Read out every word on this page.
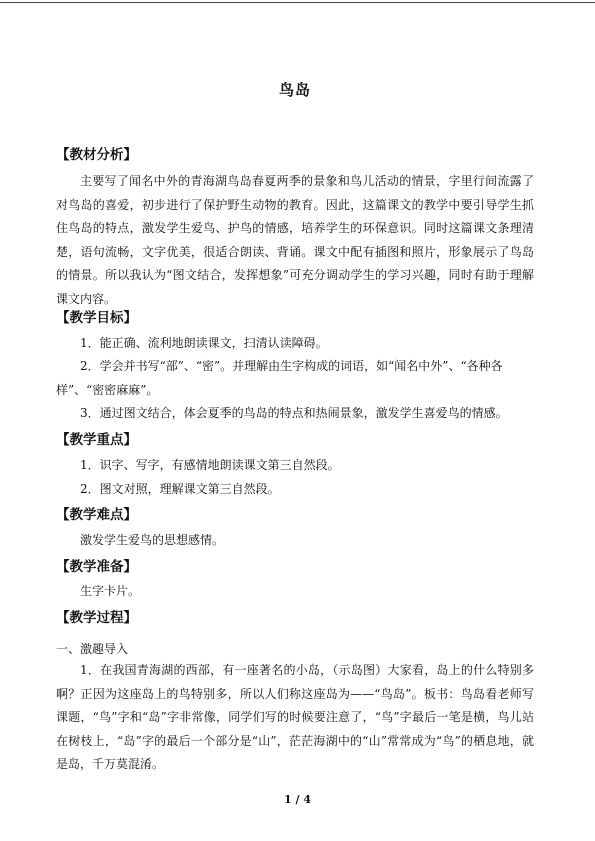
鸟岛
【教材分析】
主要写了闻名中外的青海湖鸟岛春夏两季的景象和鸟儿活动的情景，字里行间流露了对鸟岛的喜爱，初步进行了保护野生动物的教育。因此，这篇课文的教学中要引导学生抓住鸟岛的特点，激发学生爱鸟、护鸟的情感，培养学生的环保意识。同时这篇课文条理清楚，语句流畅，文字优美，很适合朗读、背诵。课文中配有插图和照片，形象展示了鸟岛的情景。所以我认为“图文结合，发挥想象”可充分调动学生的学习兴趣，同时有助于理解课文内容。
【教学目标】
1．能正确、流利地朗读课文，扫清认读障碍。
2．学会并书写“部”、“密”。并理解由生字构成的词语，如“闻名中外”、“各种各样”、“密密麻麻”。
3．通过图文结合，体会夏季的鸟岛的特点和热闹景象，激发学生喜爱鸟的情感。
【教学重点】
1．识字、写字，有感情地朗读课文第三自然段。
2．图文对照，理解课文第三自然段。
【教学难点】
激发学生爱鸟的思想感情。
【教学准备】
生字卡片。
【教学过程】
一、激趣导入
1．在我国青海湖的西部，有一座著名的小岛，（示岛图）大家看，岛上的什么特别多啊？正因为这座岛上的鸟特别多，所以人们称这座岛为——“鸟岛”。板书：鸟岛看老师写课题，“鸟”字和“岛”字非常像，同学们写的时候要注意了，“鸟”字最后一笔是横，鸟儿站在树枝上，“岛”字的最后一个部分是“山”，茫茫海湖中的“山”常常成为“鸟”的栖息地，就是岛，千万莫混淆。
1 / 4
